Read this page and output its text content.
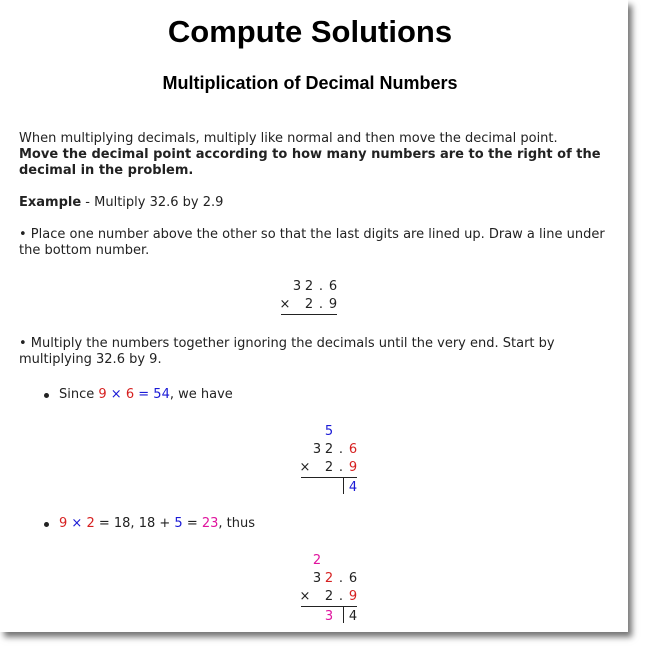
Compute Solutions
Multiplication of Decimal Numbers
When multiplying decimals, multiply like normal and then move the decimal point.
Move the decimal point according to how many numbers are to the right of the decimal in the problem.
Example - Multiply 32.6 by 2.9
• Place one number above the other so that the last digits are lined up. Draw a line under the bottom number.
3 2 . 6
× 2 . 9
• Multiply the numbers together ignoring the decimals until the very end. Start by multiplying 32.6 by 9.
Since 9 × 6 = 54, we have
5
3 2 . 6
× 2 . 9
4
9 × 2 = 18, 18 + 5 = 23, thus
2
3 2 . 6
× 2 . 9
3 4
